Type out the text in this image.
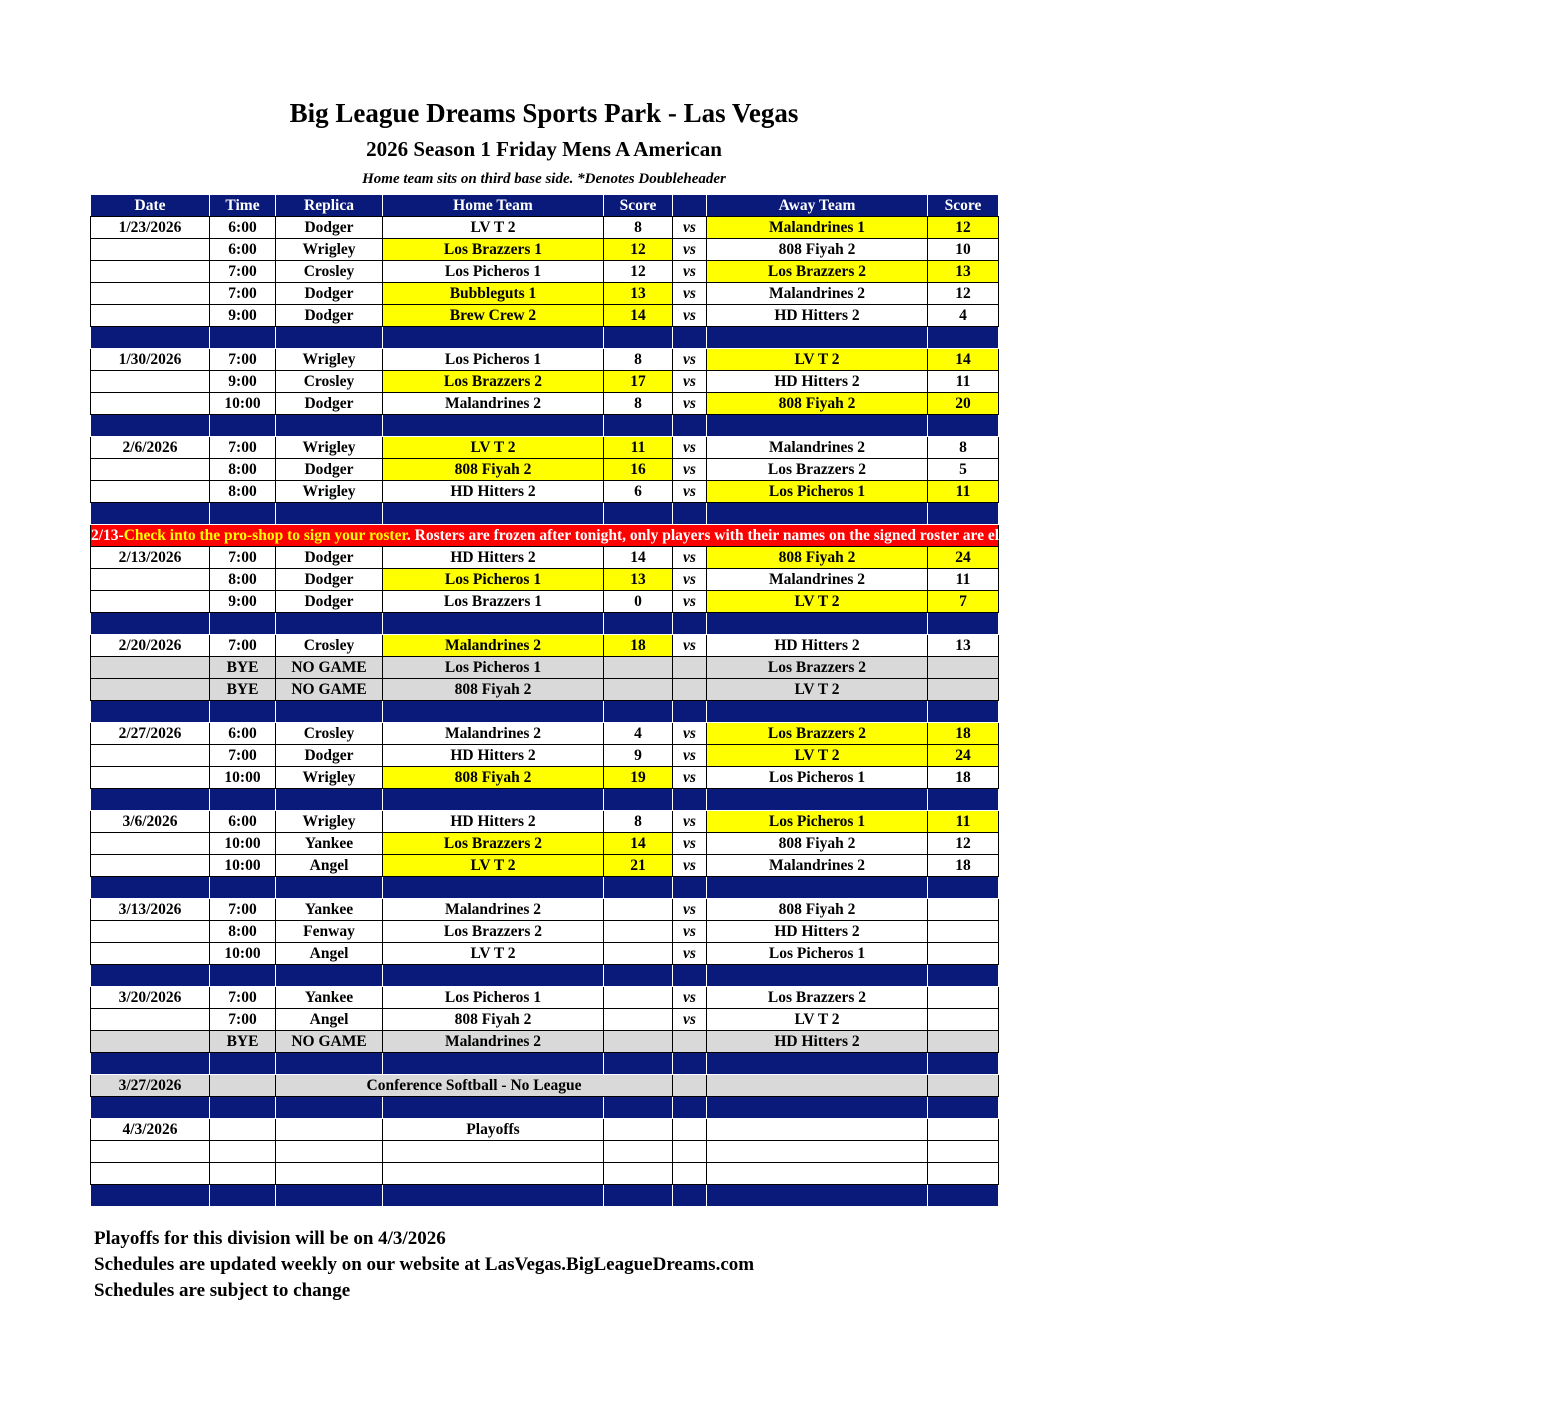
Big League Dreams Sports Park - Las Vegas
2026 Season 1 Friday Mens A American
Home team sits on third base side. *Denotes Doubleheader
Date	Time	Replica	Home Team	Score		Away Team	Score
1/23/2026	6:00	Dodger	LV T 2	8	vs	Malandrines 1	12
	6:00	Wrigley	Los Brazzers 1	12	vs	808 Fiyah 2	10
	7:00	Crosley	Los Picheros 1	12	vs	Los Brazzers 2	13
	7:00	Dodger	Bubbleguts 1	13	vs	Malandrines 2	12
	9:00	Dodger	Brew Crew 2	14	vs	HD Hitters 2	4

1/30/2026	7:00	Wrigley	Los Picheros 1	8	vs	LV T 2	14
	9:00	Crosley	Los Brazzers 2	17	vs	HD Hitters 2	11
	10:00	Dodger	Malandrines 2	8	vs	808 Fiyah 2	20

2/6/2026	7:00	Wrigley	LV T 2	11	vs	Malandrines 2	8
	8:00	Dodger	808 Fiyah 2	16	vs	Los Brazzers 2	5
	8:00	Wrigley	HD Hitters 2	6	vs	Los Picheros 1	11

2/13-Check into the pro-shop to sign your roster. Rosters are frozen after tonight, only players with their names on the signed roster are eligible for playoffs. Please check carefully as changes will not be made for omissions.							
2/13/2026	7:00	Dodger	HD Hitters 2	14	vs	808 Fiyah 2	24
	8:00	Dodger	Los Picheros 1	13	vs	Malandrines 2	11
	9:00	Dodger	Los Brazzers 1	0	vs	LV T 2	7

2/20/2026	7:00	Crosley	Malandrines 2	18	vs	HD Hitters 2	13
	BYE	NO GAME	Los Picheros 1			Los Brazzers 2	
	BYE	NO GAME	808 Fiyah 2			LV T 2	

2/27/2026	6:00	Crosley	Malandrines 2	4	vs	Los Brazzers 2	18
	7:00	Dodger	HD Hitters 2	9	vs	LV T 2	24
	10:00	Wrigley	808 Fiyah 2	19	vs	Los Picheros 1	18

3/6/2026	6:00	Wrigley	HD Hitters 2	8	vs	Los Picheros 1	11
	10:00	Yankee	Los Brazzers 2	14	vs	808 Fiyah 2	12
	10:00	Angel	LV T 2	21	vs	Malandrines 2	18

3/13/2026	7:00	Yankee	Malandrines 2		vs	808 Fiyah 2	
	8:00	Fenway	Los Brazzers 2		vs	HD Hitters 2	
	10:00	Angel	LV T 2		vs	Los Picheros 1	

3/20/2026	7:00	Yankee	Los Picheros 1		vs	Los Brazzers 2	
	7:00	Angel	808 Fiyah 2		vs	LV T 2	
	BYE	NO GAME	Malandrines 2			HD Hitters 2	

3/27/2026		Conference Softball - No League					

4/3/2026			Playoffs				

Playoffs for this division will be on 4/3/2026
Schedules are updated weekly on our website at LasVegas.BigLeagueDreams.com
Schedules are subject to change
